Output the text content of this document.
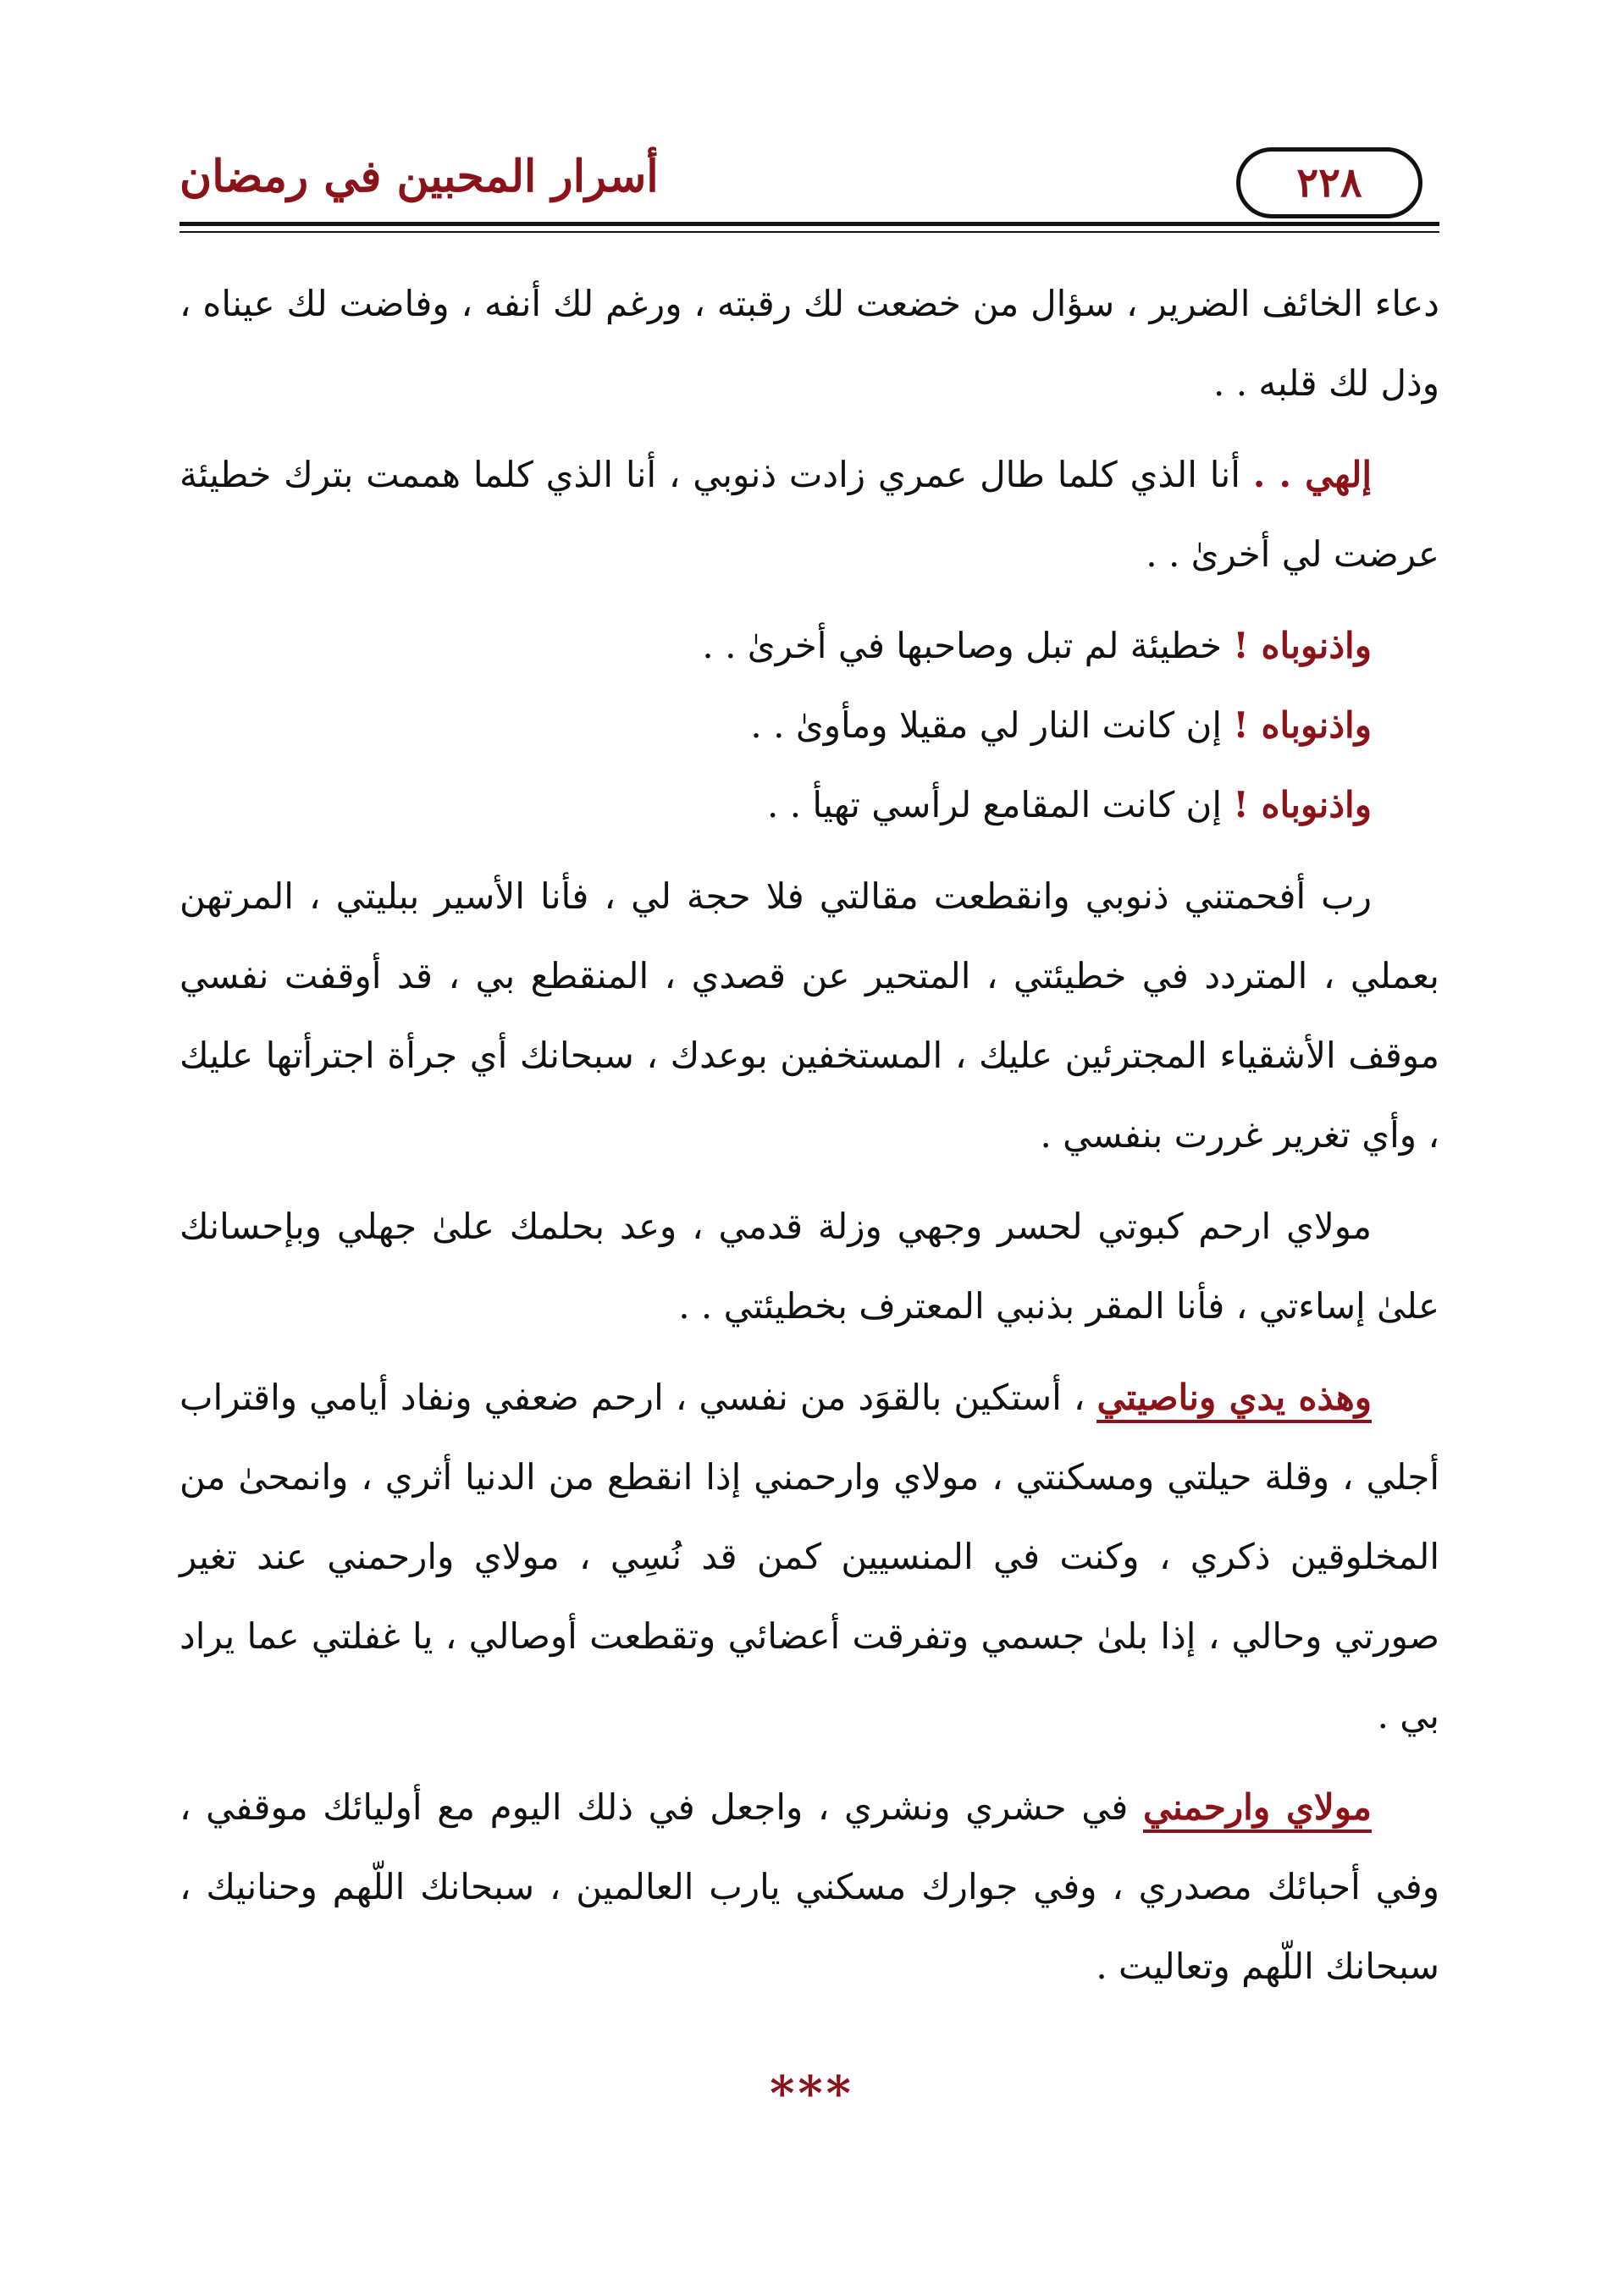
٢٢٨
أسرار المحبين في رمضان

دعاء الخائف الضرير ، سؤال من خضعت لك رقبته ، ورغم لك أنفه ، وفاضت لك عيناه ، وذل لك قلبه . .

إلهي . . أنا الذي كلما طال عمري زادت ذنوبي ، أنا الذي كلما هممت بترك خطيئة عرضت لي أخرىٰ . .

واذنوباه ! خطيئة لم تبل وصاحبها في أخرىٰ . .

واذنوباه ! إن كانت النار لي مقيلا ومأوىٰ . .

واذنوباه ! إن كانت المقامع لرأسي تهيأ . .

رب أفحمتني ذنوبي وانقطعت مقالتي فلا حجة لي ، فأنا الأسير ببليتي ، المرتهن بعملي ، المتردد في خطيئتي ، المتحير عن قصدي ، المنقطع بي ، قد أوقفت نفسي موقف الأشقياء المجترئين عليك ، المستخفين بوعدك ، سبحانك أي جرأة اجترأتها عليك ، وأي تغرير غررت بنفسي .

مولاي ارحم كبوتي لحسر وجهي وزلة قدمي ، وعد بحلمك علىٰ جهلي وبإحسانك علىٰ إساءتي ، فأنا المقر بذنبي المعترف بخطيئتي . .

وهذه يدي وناصيتي ، أستكين بالقوَد من نفسي ، ارحم ضعفي ونفاد أيامي واقتراب أجلي ، وقلة حيلتي ومسكنتي ، مولاي وارحمني إذا انقطع من الدنيا أثري ، وانمحىٰ من المخلوقين ذكري ، وكنت في المنسيين كمن قد نُسِي ، مولاي وارحمني عند تغير صورتي وحالي ، إذا بلىٰ جسمي وتفرقت أعضائي وتقطعت أوصالي ، يا غفلتي عما يراد بي .

مولاي وارحمني في حشري ونشري ، واجعل في ذلك اليوم مع أوليائك موقفي ، وفي أحبائك مصدري ، وفي جوارك مسكني يارب العالمين ، سبحانك اللّهم وحنانيك ، سبحانك اللّهم وتعاليت .

***
